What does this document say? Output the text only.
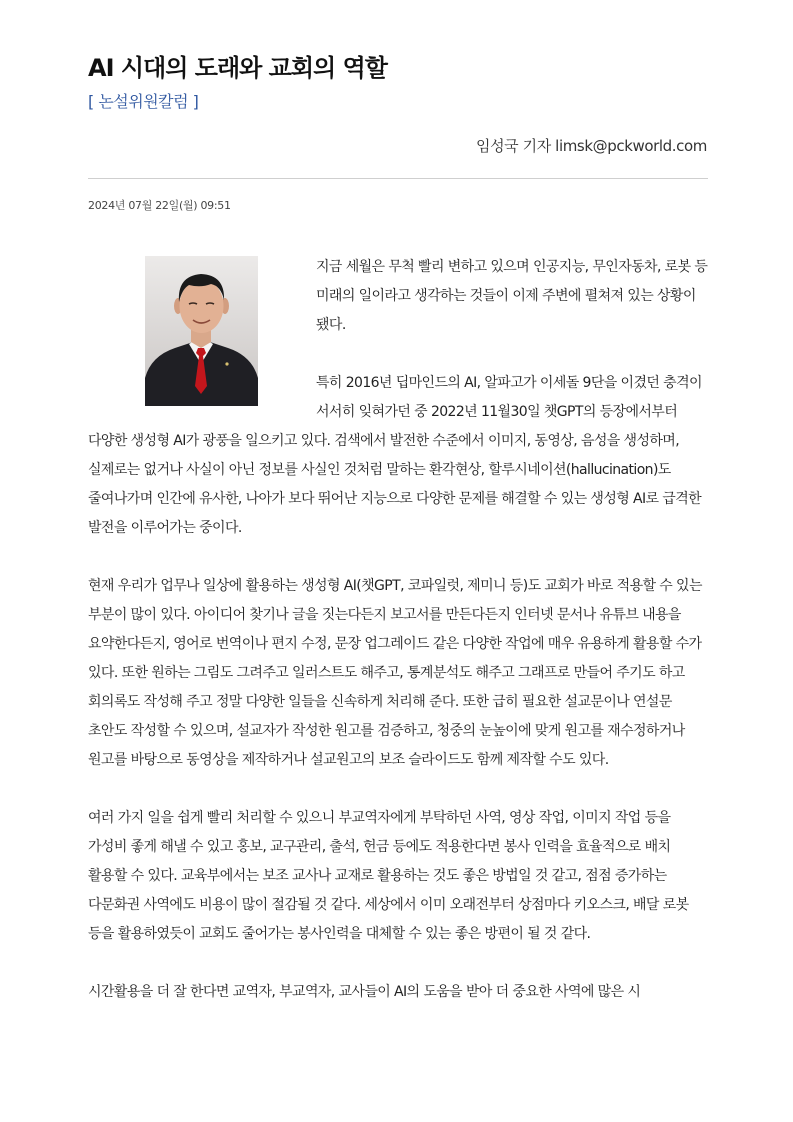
AI 시대의 도래와 교회의 역할
[ 논설위원칼럼 ]
임성국 기자 limsk@pckworld.com
2024년 07월 22일(월) 09:51

지금 세월은 무척 빨리 변하고 있으며 인공지능, 무인자동차, 로봇 등 미래의 일이라고 생각하는 것들이 이제 주변에 펼쳐져 있는 상황이 됐다.

특히 2016년 딥마인드의 AI, 알파고가 이세돌 9단을 이겼던 충격이 서서히 잊혀가던 중 2022년 11월30일 챗GPT의 등장에서부터 다양한 생성형 AI가 광풍을 일으키고 있다. 검색에서 발전한 수준에서 이미지, 동영상, 음성을 생성하며, 실제로는 없거나 사실이 아닌 정보를 사실인 것처럼 말하는 환각현상, 할루시네이션(hallucination)도 줄여나가며 인간에 유사한, 나아가 보다 뛰어난 지능으로 다양한 문제를 해결할 수 있는 생성형 AI로 급격한 발전을 이루어가는 중이다.

현재 우리가 업무나 일상에 활용하는 생성형 AI(챗GPT, 코파일럿, 제미니 등)도 교회가 바로 적용할 수 있는 부분이 많이 있다. 아이디어 찾기나 글을 짓는다든지 보고서를 만든다든지 인터넷 문서나 유튜브 내용을 요약한다든지, 영어로 번역이나 편지 수정, 문장 업그레이드 같은 다양한 작업에 매우 유용하게 활용할 수가 있다. 또한 원하는 그림도 그려주고 일러스트도 해주고, 통계분석도 해주고 그래프로 만들어 주기도 하고 회의록도 작성해 주고 정말 다양한 일들을 신속하게 처리해 준다. 또한 급히 필요한 설교문이나 연설문 초안도 작성할 수 있으며, 설교자가 작성한 원고를 검증하고, 청중의 눈높이에 맞게 원고를 재수정하거나 원고를 바탕으로 동영상을 제작하거나 설교원고의 보조 슬라이드도 함께 제작할 수도 있다.

여러 가지 일을 쉽게 빨리 처리할 수 있으니 부교역자에게 부탁하던 사역, 영상 작업, 이미지 작업 등을 가성비 좋게 해낼 수 있고 홍보, 교구관리, 출석, 헌금 등에도 적용한다면 봉사 인력을 효율적으로 배치 활용할 수 있다. 교육부에서는 보조 교사나 교재로 활용하는 것도 좋은 방법일 것 같고, 점점 증가하는 다문화권 사역에도 비용이 많이 절감될 것 같다. 세상에서 이미 오래전부터 상점마다 키오스크, 배달 로봇 등을 활용하였듯이 교회도 줄어가는 봉사인력을 대체할 수 있는 좋은 방편이 될 것 같다.

시간활용을 더 잘 한다면 교역자, 부교역자, 교사들이 AI의 도움을 받아 더 중요한 사역에 많은 시
